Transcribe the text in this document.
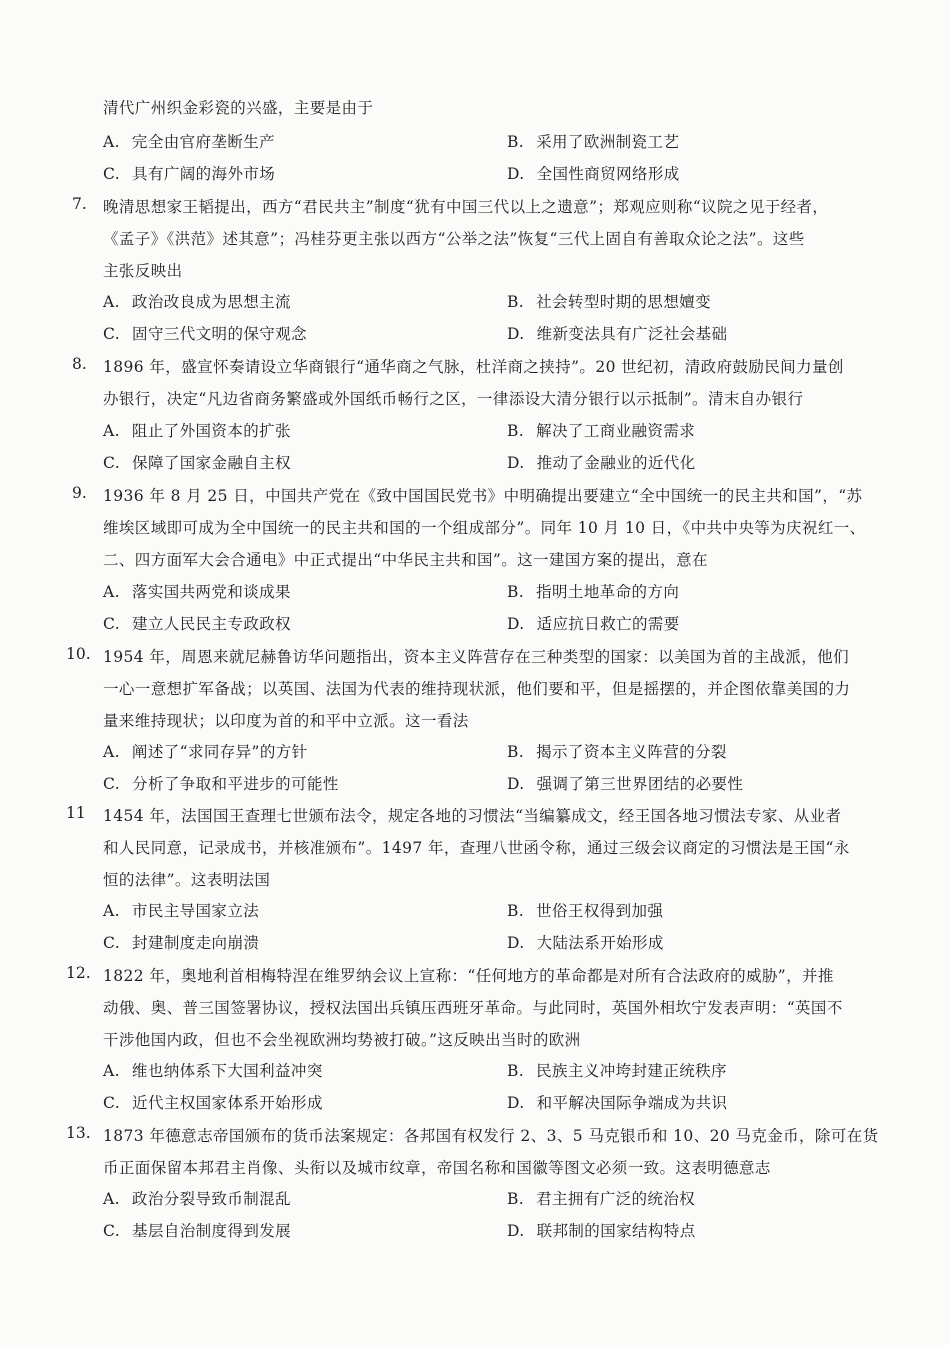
清代广州织金彩瓷的兴盛，主要是由于
A. 完全由官府垄断生产	B. 采用了欧洲制瓷工艺
C. 具有广阔的海外市场	D. 全国性商贸网络形成
7. 晚清思想家王韬提出，西方“君民共主”制度“犹有中国三代以上之遗意”；郑观应则称“议院之见于经者，
《孟子》《洪范》述其意”；冯桂芬更主张以西方“公举之法”恢复“三代上固自有善取众论之法”。这些
主张反映出
A. 政治改良成为思想主流	B. 社会转型时期的思想嬗变
C. 固守三代文明的保守观念	D. 维新变法具有广泛社会基础
8. 1896 年，盛宣怀奏请设立华商银行“通华商之气脉，杜洋商之挟持”。20 世纪初，清政府鼓励民间力量创
办银行，决定“凡边省商务繁盛或外国纸币畅行之区，一律添设大清分银行以示抵制”。清末自办银行
A. 阻止了外国资本的扩张	B. 解决了工商业融资需求
C. 保障了国家金融自主权	D. 推动了金融业的近代化
9. 1936 年 8 月 25 日，中国共产党在《致中国国民党书》中明确提出要建立“全中国统一的民主共和国”，“苏
维埃区域即可成为全中国统一的民主共和国的一个组成部分”。同年 10 月 10 日，《中共中央等为庆祝红一、
二、四方面军大会合通电》中正式提出“中华民主共和国”。这一建国方案的提出，意在
A. 落实国共两党和谈成果	B. 指明土地革命的方向
C. 建立人民民主专政政权	D. 适应抗日救亡的需要
10. 1954 年，周恩来就尼赫鲁访华问题指出，资本主义阵营存在三种类型的国家：以美国为首的主战派，他们
一心一意想扩军备战；以英国、法国为代表的维持现状派，他们要和平，但是摇摆的，并企图依靠美国的力
量来维持现状；以印度为首的和平中立派。这一看法
A. 阐述了“求同存异”的方针	B. 揭示了资本主义阵营的分裂
C. 分析了争取和平进步的可能性	D. 强调了第三世界团结的必要性
11 1454 年，法国国王查理七世颁布法令，规定各地的习惯法“当编纂成文，经王国各地习惯法专家、从业者
和人民同意，记录成书，并核准颁布”。1497 年，查理八世函令称，通过三级会议商定的习惯法是王国“永
恒的法律”。这表明法国
A. 市民主导国家立法	B. 世俗王权得到加强
C. 封建制度走向崩溃	D. 大陆法系开始形成
12. 1822 年，奥地利首相梅特涅在维罗纳会议上宣称：“任何地方的革命都是对所有合法政府的威胁”，并推
动俄、奥、普三国签署协议，授权法国出兵镇压西班牙革命。与此同时，英国外相坎宁发表声明：“英国不
干涉他国内政，但也不会坐视欧洲均势被打破。”这反映出当时的欧洲
A. 维也纳体系下大国利益冲突	B. 民族主义冲垮封建正统秩序
C. 近代主权国家体系开始形成	D. 和平解决国际争端成为共识
13. 1873 年德意志帝国颁布的货币法案规定：各邦国有权发行 2、3、5 马克银币和 10、20 马克金币，除可在货
币正面保留本邦君主肖像、头衔以及城市纹章，帝国名称和国徽等图文必须一致。这表明德意志
A. 政治分裂导致币制混乱	B. 君主拥有广泛的统治权
C. 基层自治制度得到发展	D. 联邦制的国家结构特点
